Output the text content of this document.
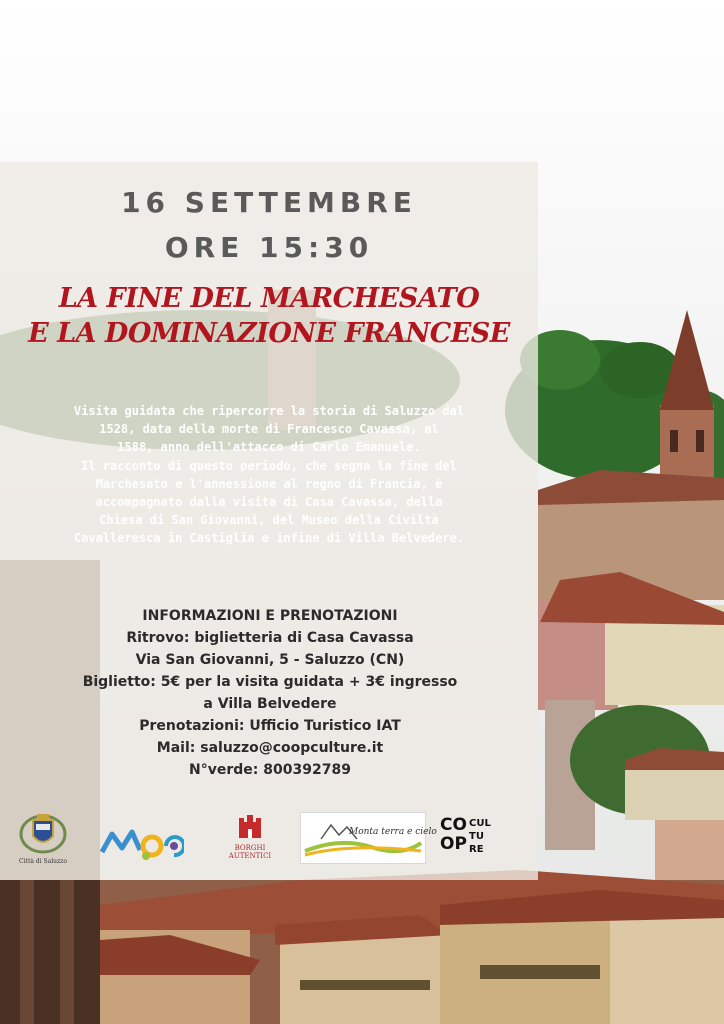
16 SETTEMBRE
ORE 15:30
LA FINE DEL MARCHESATO
E LA DOMINAZIONE FRANCESE
Visita guidata che ripercorre la storia di Saluzzo dal
1528, data della morte di Francesco Cavassa, al
1588, anno dell'attacco di Carlo Emanuele.
Il racconto di questo periodo, che segna la fine del
Marchesato e l'annessione al regno di Francia, è
accompagnato dalla visita di Casa Cavassa, della
Chiesa di San Giovanni, del Museo della Civiltà
Cavalleresca in Castiglia e infine di Villa Belvedere.
INFORMAZIONI E PRENOTAZIONI
Ritrovo: biglietteria di Casa Cavassa
Via San Giovanni, 5 - Saluzzo (CN)
Biglietto: 5€ per la visita guidata + 3€ ingresso
a Villa Belvedere
Prenotazioni: Ufficio Turistico IAT
Mail: saluzzo@coopculture.it
N°verde: 800392789
Città di Saluzzo
BORGHI
AUTENTICI
Monta terra e cielo CO
OP
CUL
TU
RE
